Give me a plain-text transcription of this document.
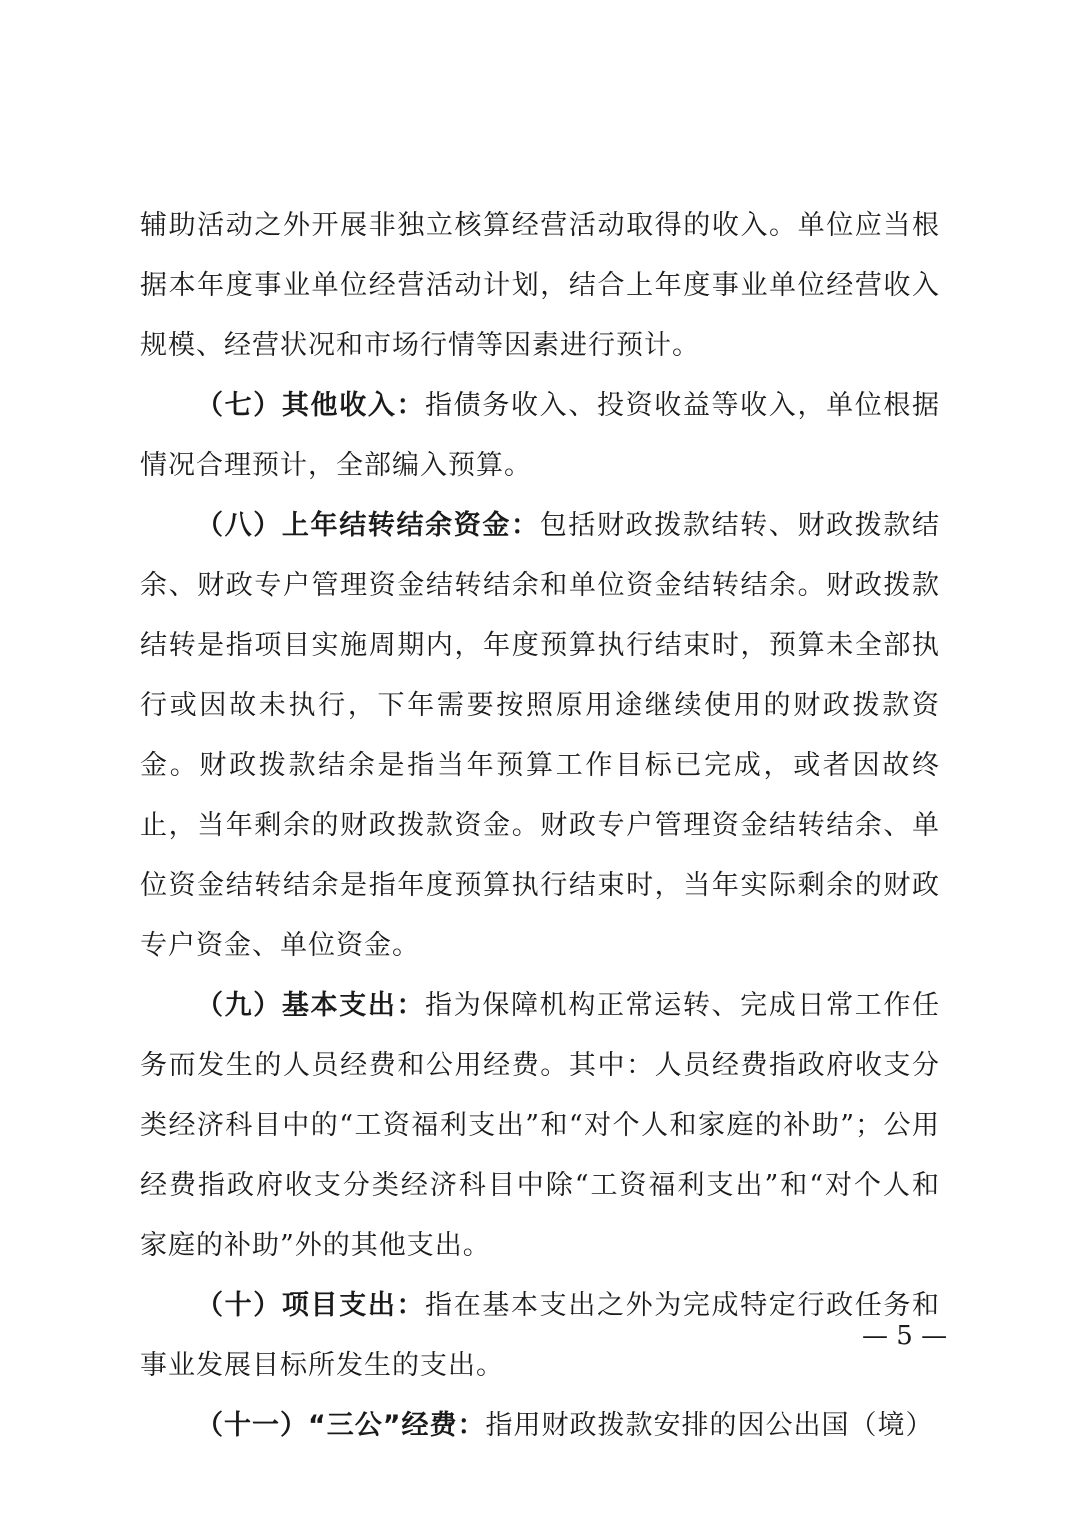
辅助活动之外开展非独立核算经营活动取得的收入。单位应当根据本年度事业单位经营活动计划，结合上年度事业单位经营收入规模、经营状况和市场行情等因素进行预计。

（七）其他收入：指债务收入、投资收益等收入，单位根据情况合理预计，全部编入预算。

（八）上年结转结余资金：包括财政拨款结转、财政拨款结余、财政专户管理资金结转结余和单位资金结转结余。财政拨款结转是指项目实施周期内，年度预算执行结束时，预算未全部执行或因故未执行，下年需要按照原用途继续使用的财政拨款资金。财政拨款结余是指当年预算工作目标已完成，或者因故终止，当年剩余的财政拨款资金。财政专户管理资金结转结余、单位资金结转结余是指年度预算执行结束时，当年实际剩余的财政专户资金、单位资金。

（九）基本支出：指为保障机构正常运转、完成日常工作任务而发生的人员经费和公用经费。其中：人员经费指政府收支分类经济科目中的“工资福利支出”和“对个人和家庭的补助”；公用经费指政府收支分类经济科目中除“工资福利支出”和“对个人和家庭的补助”外的其他支出。

（十）项目支出：指在基本支出之外为完成特定行政任务和事业发展目标所发生的支出。

（十一）“三公”经费：指用财政拨款安排的因公出国（境）

— 5 —
